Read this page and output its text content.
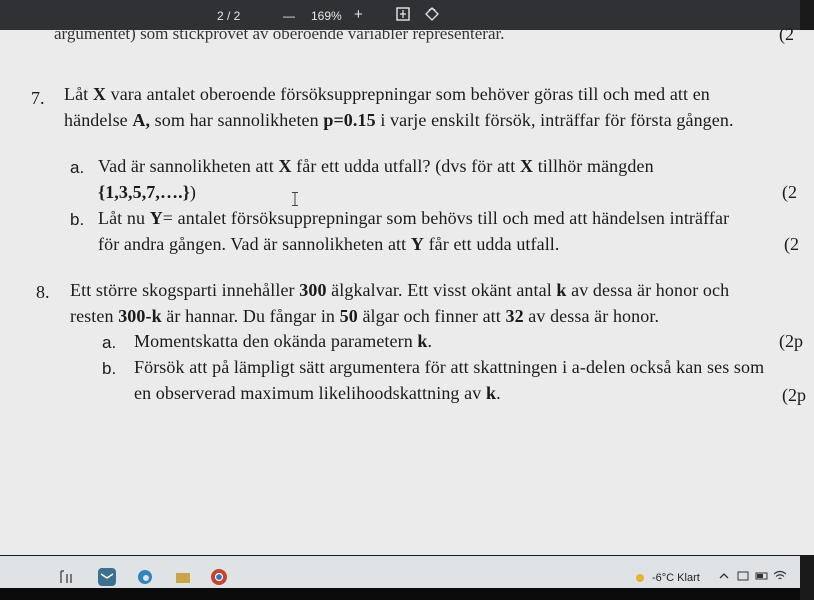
2 / 2	— 169% +
argumentet) som stickprovet av oberoende variabler representerar.	(2
7. Låt X vara antalet oberoende försöksupprepningar som behöver göras till och med att en
händelse A, som har sannolikheten p=0.15 i varje enskilt försök, inträffar för första gången.
a. Vad är sannolikheten att X får ett udda utfall? (dvs för att X tillhör mängden
{1,3,5,7,….})	(2
b. Låt nu Y= antalet försöksupprepningar som behövs till och med att händelsen inträffar
för andra gången. Vad är sannolikheten att Y får ett udda utfall.	(2
8. Ett större skogsparti innehåller 300 älgkalvar. Ett visst okänt antal k av dessa är honor och
resten 300-k är hannar. Du fångar in 50 älgar och finner att 32 av dessa är honor.
a. Momentskatta den okända parametern k.	(2p
b. Försök att på lämpligt sätt argumentera för att skattningen i a-delen också kan ses som
en observerad maximum likelihoodskattning av k.	(2p
-6°C Klart
